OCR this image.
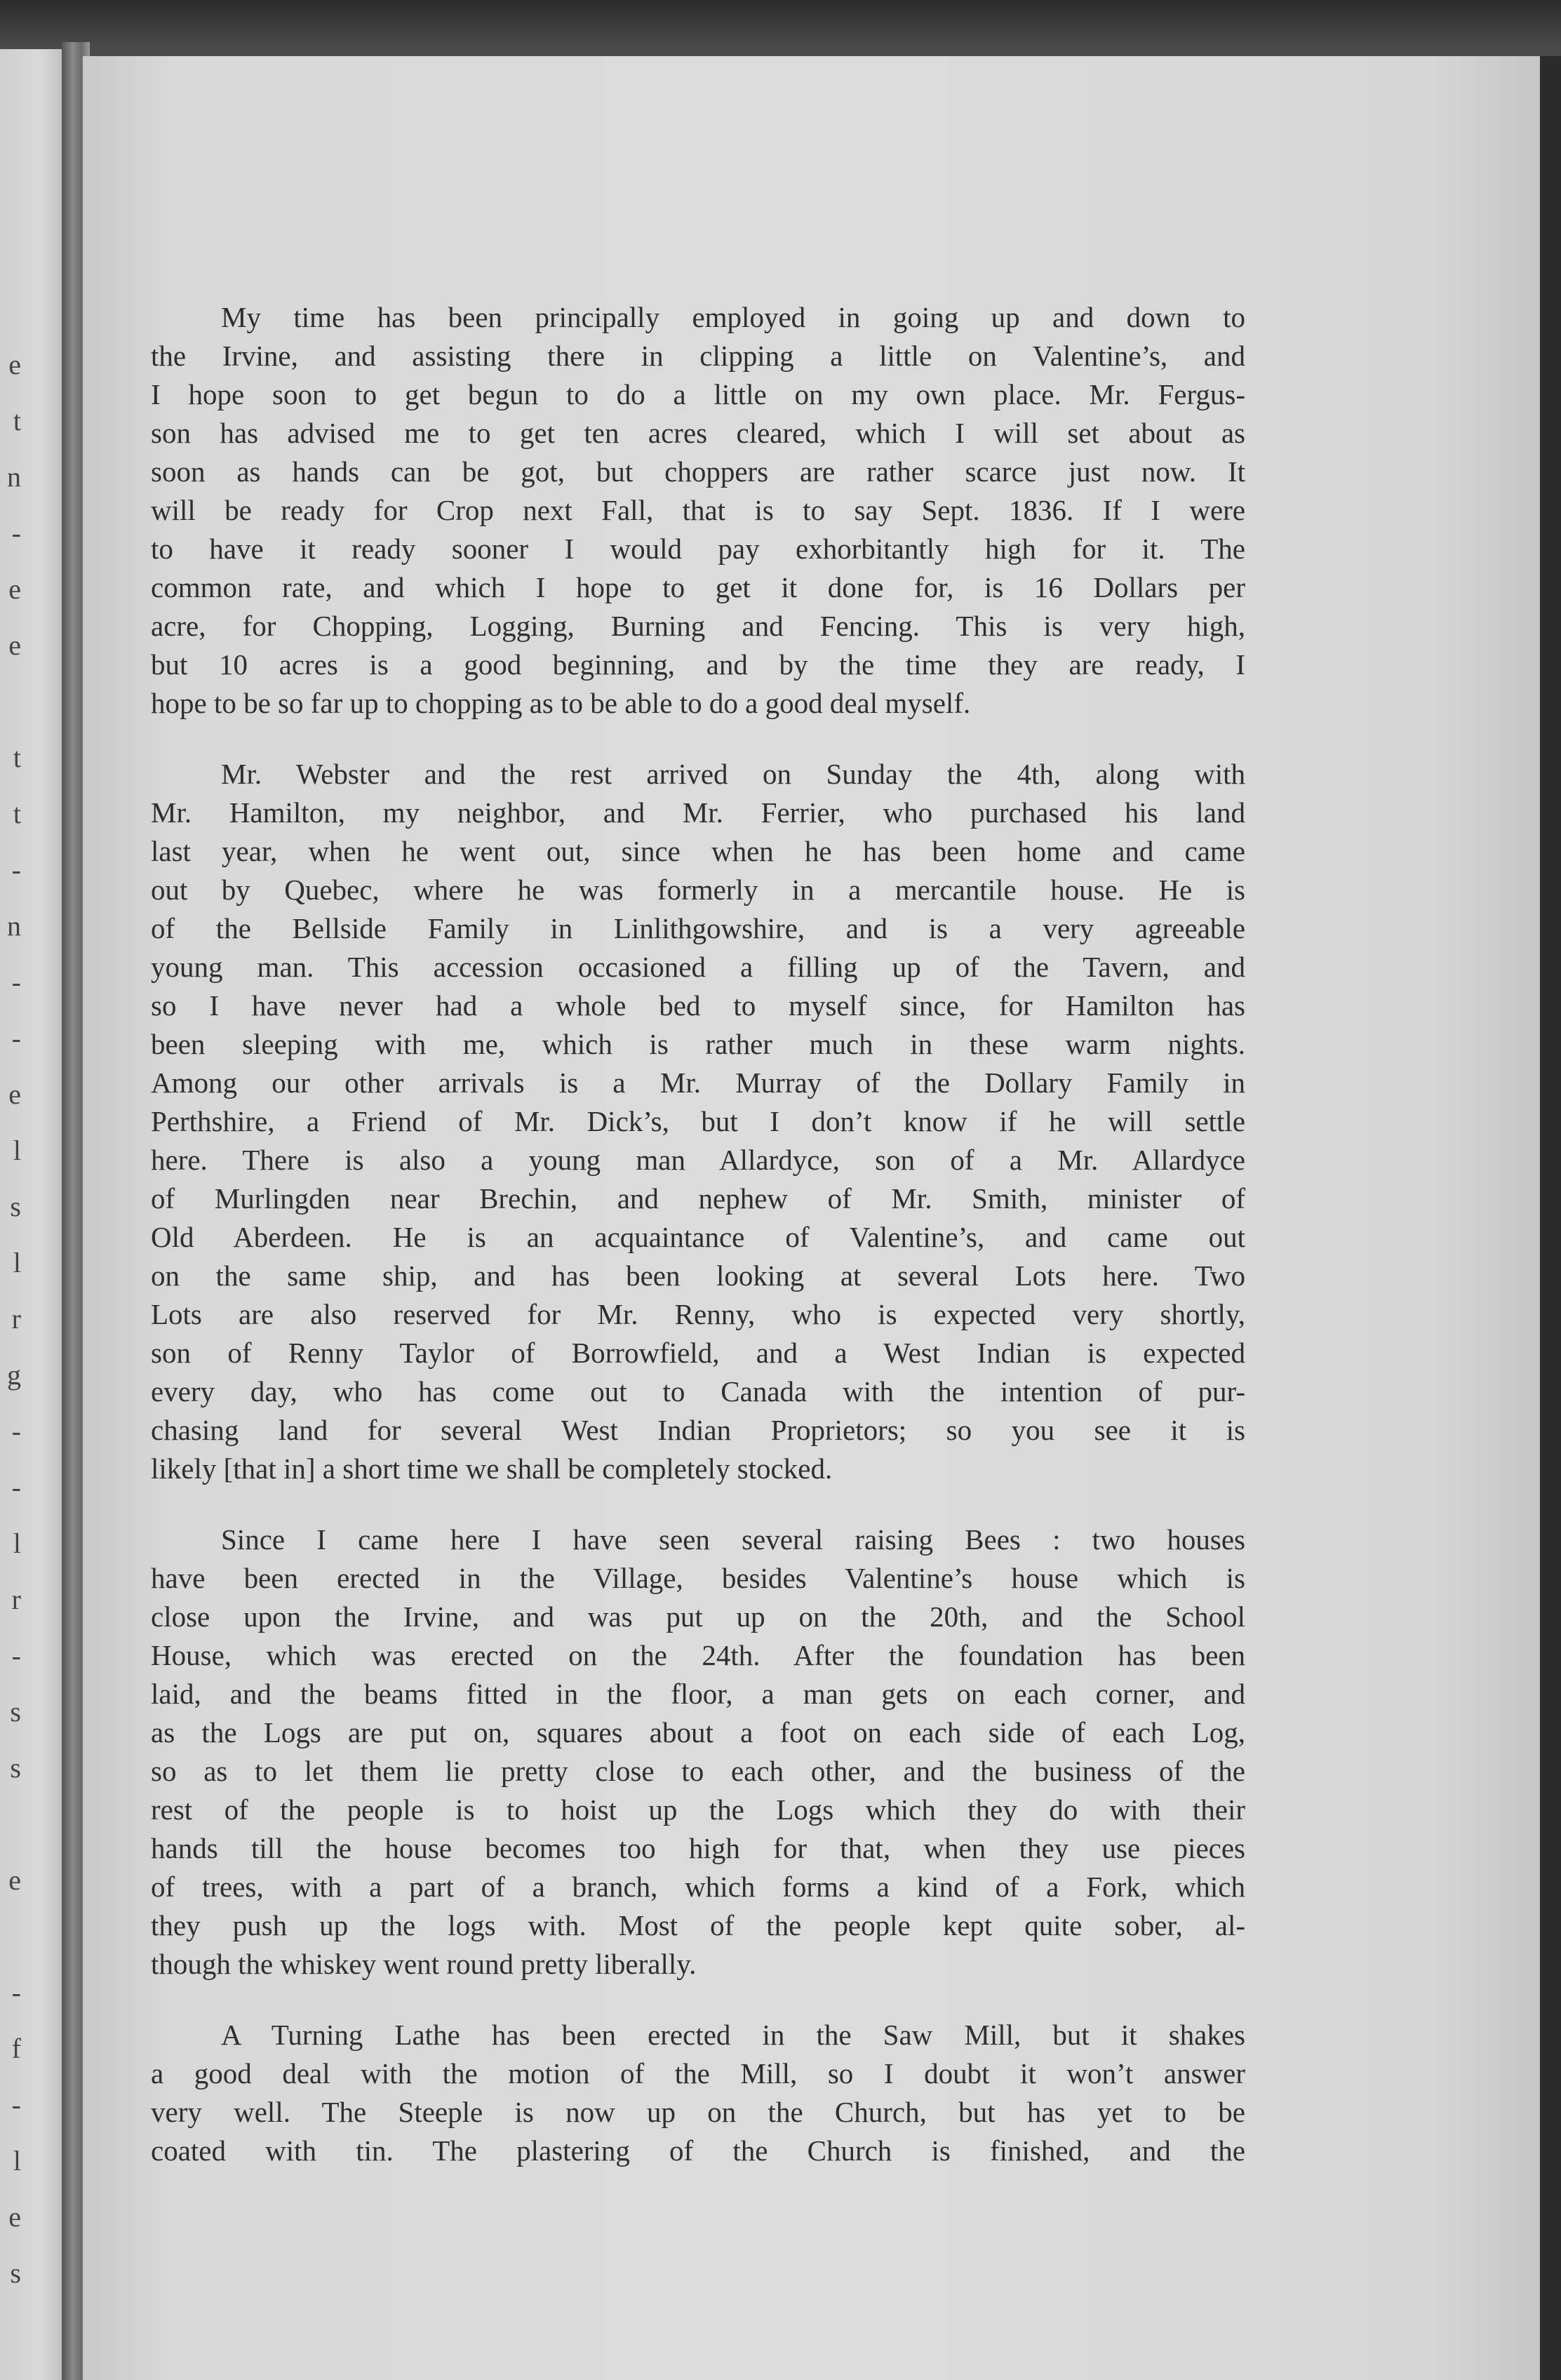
e
t
n
-
e
e
t
t
-
n
-
-
e
l
s
l
r
g
-
-
l
r
-
s
s
e
-
f
-
l
e
s
My time has been principally employed in going up and down to
the Irvine, and assisting there in clipping a little on Valentine’s, and
I hope soon to get begun to do a little on my own place. Mr. Fergus-
son has advised me to get ten acres cleared, which I will set about as
soon as hands can be got, but choppers are rather scarce just now. It
will be ready for Crop next Fall, that is to say Sept. 1836. If I were
to have it ready sooner I would pay exhorbitantly high for it. The
common rate, and which I hope to get it done for, is 16 Dollars per
acre, for Chopping, Logging, Burning and Fencing. This is very high,
but 10 acres is a good beginning, and by the time they are ready, I
hope to be so far up to chopping as to be able to do a good deal myself.
Mr. Webster and the rest arrived on Sunday the 4th, along with
Mr. Hamilton, my neighbor, and Mr. Ferrier, who purchased his land
last year, when he went out, since when he has been home and came
out by Quebec, where he was formerly in a mercantile house. He is
of the Bellside Family in Linlithgowshire, and is a very agreeable
young man. This accession occasioned a filling up of the Tavern, and
so I have never had a whole bed to myself since, for Hamilton has
been sleeping with me, which is rather much in these warm nights.
Among our other arrivals is a Mr. Murray of the Dollary Family in
Perthshire, a Friend of Mr. Dick’s, but I don’t know if he will settle
here. There is also a young man Allardyce, son of a Mr. Allardyce
of Murlingden near Brechin, and nephew of Mr. Smith, minister of
Old Aberdeen. He is an acquaintance of Valentine’s, and came out
on the same ship, and has been looking at several Lots here. Two
Lots are also reserved for Mr. Renny, who is expected very shortly,
son of Renny Taylor of Borrowfield, and a West Indian is expected
every day, who has come out to Canada with the intention of pur-
chasing land for several West Indian Proprietors; so you see it is
likely [that in] a short time we shall be completely stocked.
Since I came here I have seen several raising Bees : two houses
have been erected in the Village, besides Valentine’s house which is
close upon the Irvine, and was put up on the 20th, and the School
House, which was erected on the 24th. After the foundation has been
laid, and the beams fitted in the floor, a man gets on each corner, and
as the Logs are put on, squares about a foot on each side of each Log,
so as to let them lie pretty close to each other, and the business of the
rest of the people is to hoist up the Logs which they do with their
hands till the house becomes too high for that, when they use pieces
of trees, with a part of a branch, which forms a kind of a Fork, which
they push up the logs with. Most of the people kept quite sober, al-
though the whiskey went round pretty liberally.
A Turning Lathe has been erected in the Saw Mill, but it shakes
a good deal with the motion of the Mill, so I doubt it won’t answer
very well. The Steeple is now up on the Church, but has yet to be
coated with tin. The plastering of the Church is finished, and the
